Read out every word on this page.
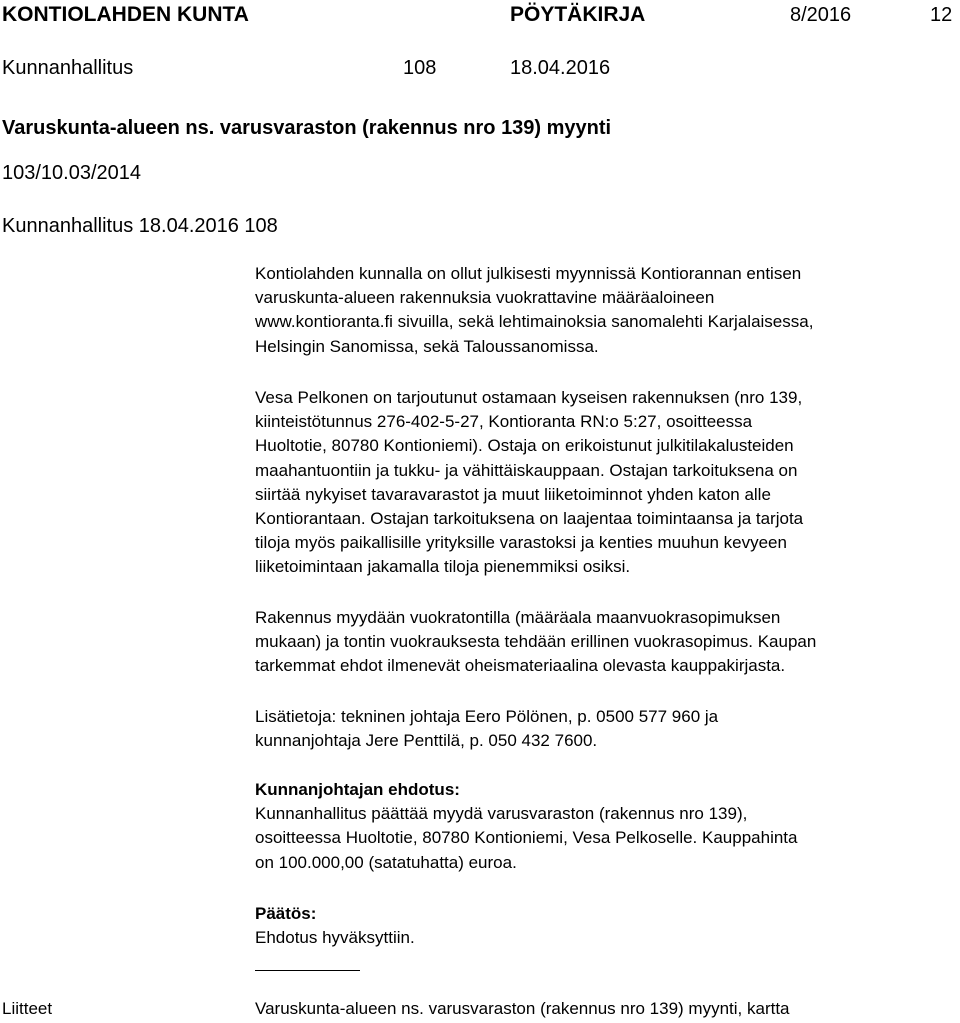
KONTIOLAHDEN KUNTA	PÖYTÄKIRJA	8/2016	12
Kunnanhallitus	108	18.04.2016
Varuskunta-alueen ns. varusvaraston (rakennus nro 139) myynti
103/10.03/2014
Kunnanhallitus 18.04.2016 108
Kontiolahden kunnalla on ollut julkisesti myynnissä Kontiorannan entisen
varuskunta-alueen rakennuksia vuokrattavine määräaloineen
www.kontioranta.fi sivuilla, sekä lehtimainoksia sanomalehti Karjalaisessa,
Helsingin Sanomissa, sekä Taloussanomissa.
Vesa Pelkonen on tarjoutunut ostamaan kyseisen rakennuksen (nro 139,
kiinteistötunnus 276-402-5-27, Kontioranta RN:o 5:27, osoitteessa
Huoltotie, 80780 Kontioniemi). Ostaja on erikoistunut julkitilakalusteiden
maahantuontiin ja tukku- ja vähittäiskauppaan. Ostajan tarkoituksena on
siirtää nykyiset tavaravarastot ja muut liiketoiminnot yhden katon alle
Kontiorantaan. Ostajan tarkoituksena on laajentaa toimintaansa ja tarjota
tiloja myös paikallisille yrityksille varastoksi ja kenties muuhun kevyeen
liiketoimintaan jakamalla tiloja pienemmiksi osiksi.
Rakennus myydään vuokratontilla (määräala maanvuokrasopimuksen
mukaan) ja tontin vuokrauksesta tehdään erillinen vuokrasopimus. Kaupan
tarkemmat ehdot ilmenevät oheismateriaalina olevasta kauppakirjasta.
Lisätietoja: tekninen johtaja Eero Pölönen, p. 0500 577 960 ja
kunnanjohtaja Jere Penttilä, p. 050 432 7600.
Kunnanjohtajan ehdotus:
Kunnanhallitus päättää myydä varusvaraston (rakennus nro 139),
osoitteessa Huoltotie, 80780 Kontioniemi, Vesa Pelkoselle. Kauppahinta
on 100.000,00 (satatuhatta) euroa.
Päätös:
Ehdotus hyväksyttiin.
Liitteet	Varuskunta-alueen ns. varusvaraston (rakennus nro 139) myynti, kartta
